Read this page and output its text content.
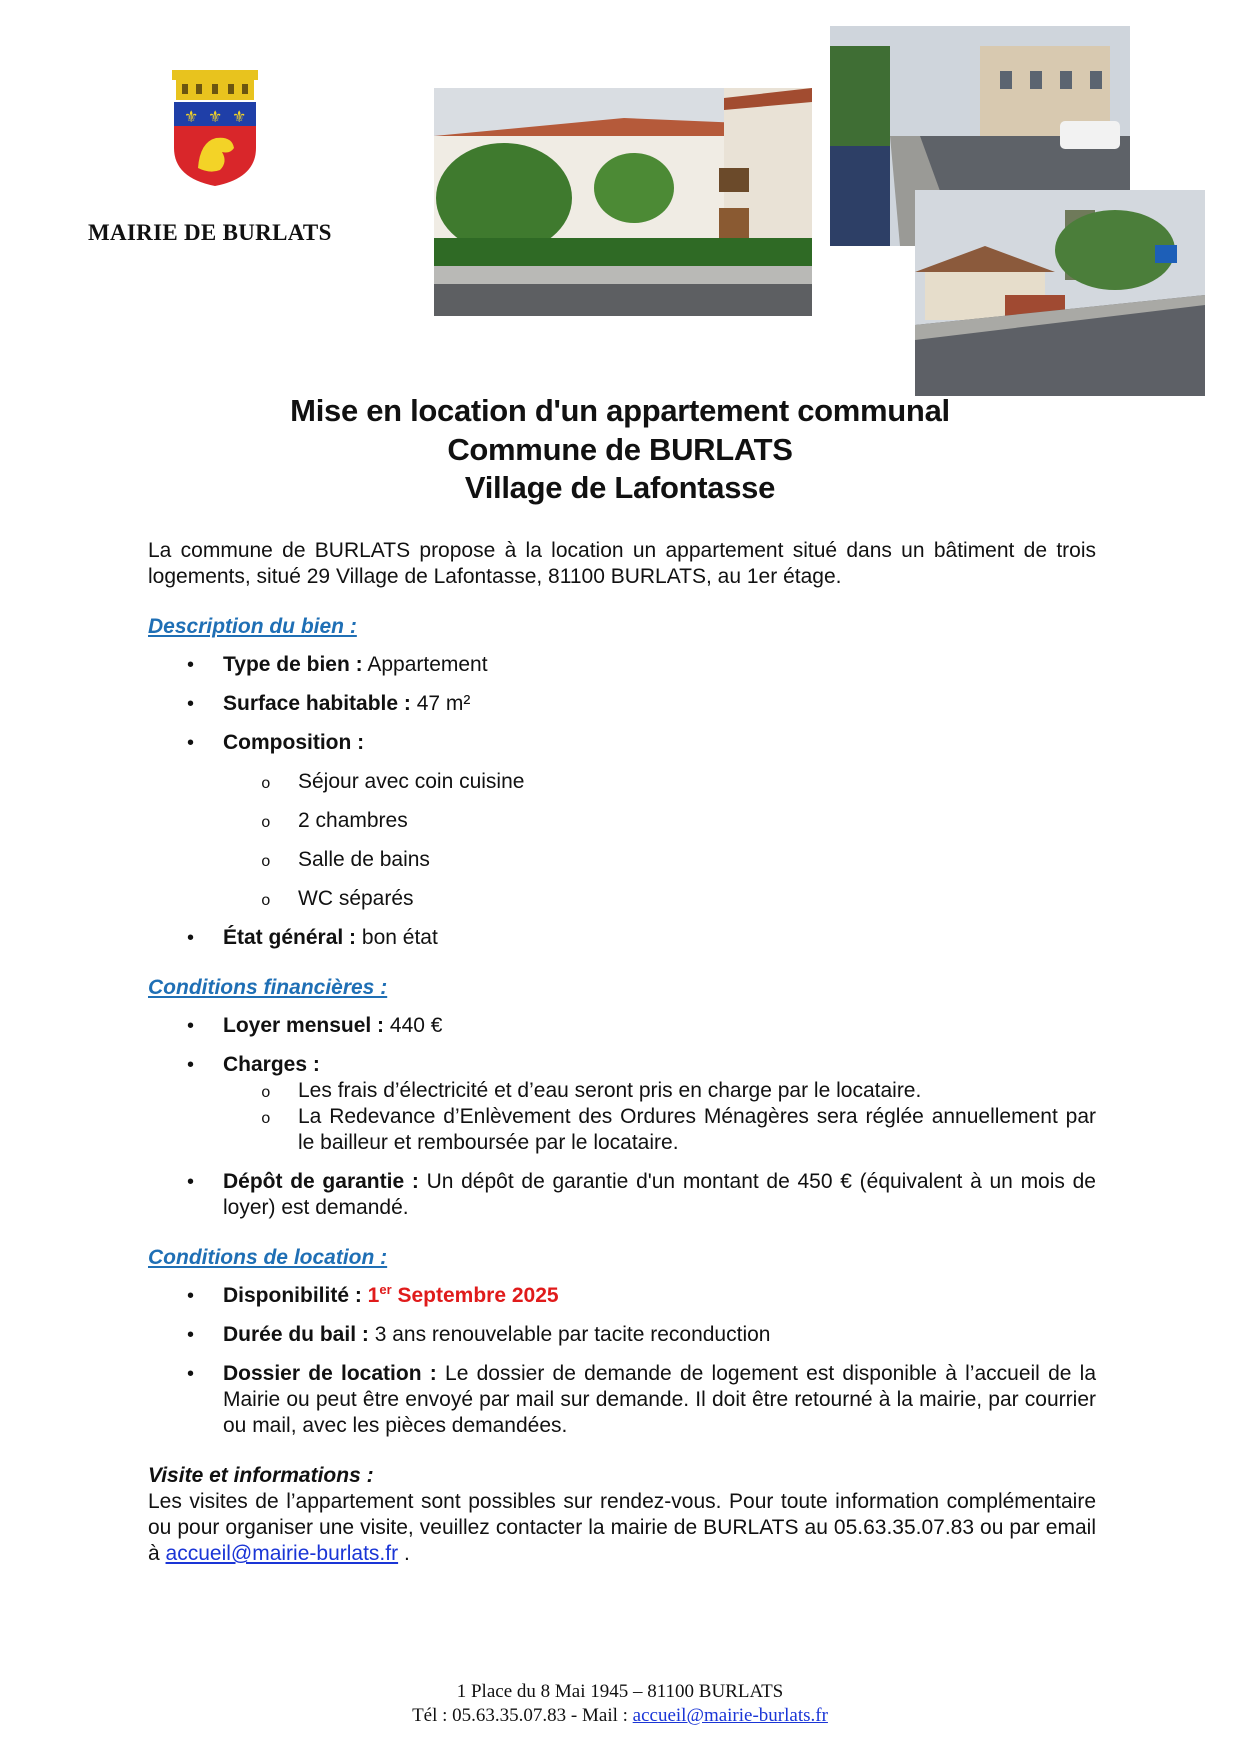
⚜ ⚜ ⚜
MAIRIE DE BURLATS
Mise en location d'un appartement communal
Commune de BURLATS
Village de Lafontasse

La commune de BURLATS propose à la location un appartement situé dans un bâtiment de trois logements, situé 29 Village de Lafontasse, 81100 BURLATS, au 1er étage.

Description du bien :

• Type de bien : Appartement
• Surface habitable : 47 m²
• Composition :
o Séjour avec coin cuisine
o 2 chambres
o Salle de bains
o WC séparés
• État général : bon état

Conditions financières :

• Loyer mensuel : 440 €
• Charges :
o Les frais d’électricité et d’eau seront pris en charge par le locataire.
o La Redevance d’Enlèvement des Ordures Ménagères sera réglée annuellement par le bailleur et remboursée par le locataire.
• Dépôt de garantie : Un dépôt de garantie d'un montant de 450 € (équivalent à un mois de loyer) est demandé.

Conditions de location :

• Disponibilité : 1er Septembre 2025
• Durée du bail : 3 ans renouvelable par tacite reconduction
• Dossier de location : Le dossier de demande de logement est disponible à l’accueil de la Mairie ou peut être envoyé par mail sur demande. Il doit être retourné à la mairie, par courrier ou mail, avec les pièces demandées.

Visite et informations :

Les visites de l’appartement sont possibles sur rendez-vous. Pour toute information complémentaire ou pour organiser une visite, veuillez contacter la mairie de BURLATS au 05.63.35.07.83 ou par email à accueil@mairie-burlats.fr .

1 Place du 8 Mai 1945 – 81100 BURLATS
Tél : 05.63.35.07.83 - Mail : accueil@mairie-burlats.fr
